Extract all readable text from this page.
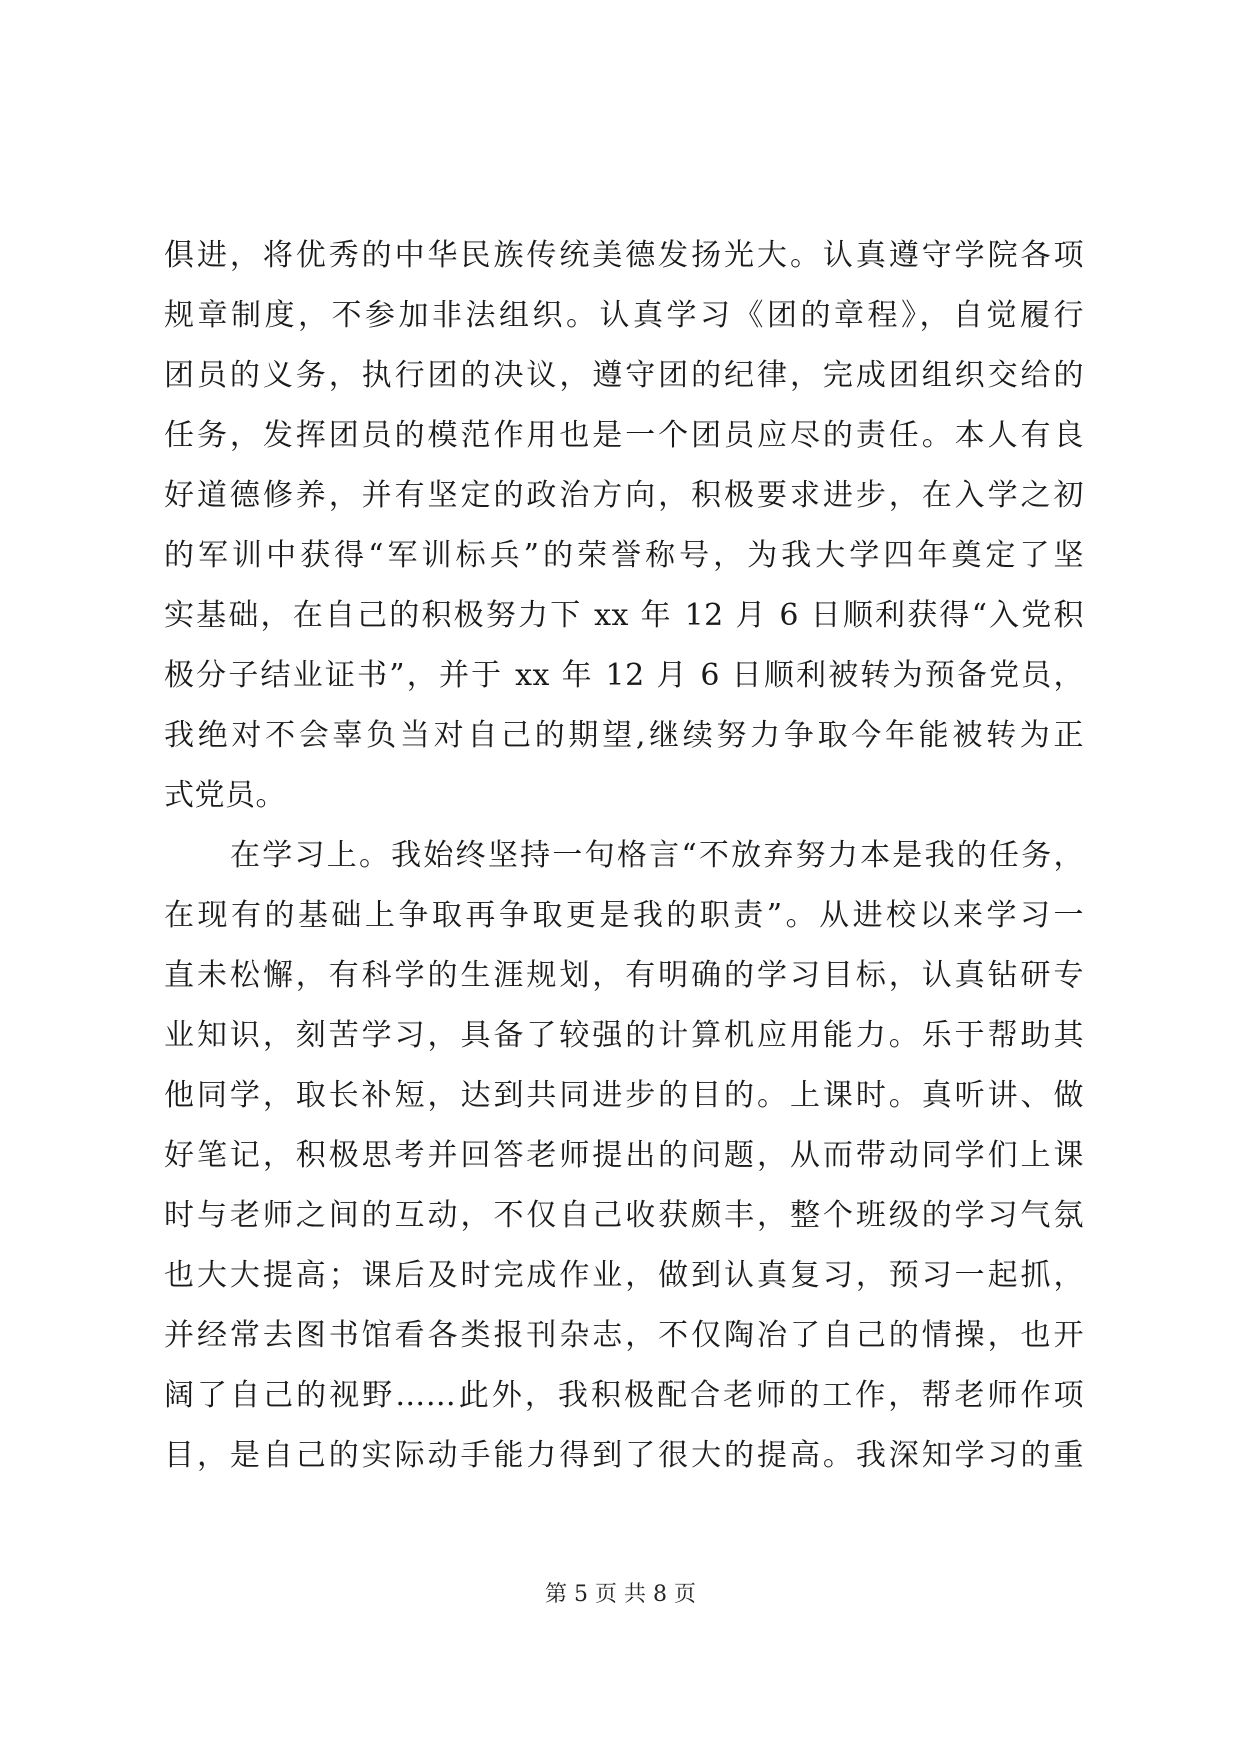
俱进，将优秀的中华民族传统美德发扬光大。认真遵守学院各项
规章制度，不参加非法组织。认真学习《团的章程》，自觉履行
团员的义务，执行团的决议，遵守团的纪律，完成团组织交给的
任务，发挥团员的模范作用也是一个团员应尽的责任。本人有良
好道德修养，并有坚定的政治方向，积极要求进步，在入学之初
的军训中获得“军训标兵”的荣誉称号，为我大学四年奠定了坚
实基础，在自己的积极努力下 xx 年 12 月 6 日顺利获得“入党积
极分子结业证书”，并于 xx 年 12 月 6 日顺利被转为预备党员，
我绝对不会辜负当对自己的期望,继续努力争取今年能被转为正
式党员。
在学习上。我始终坚持一句格言“不放弃努力本是我的任务，
在现有的基础上争取再争取更是我的职责”。从进校以来学习一
直未松懈，有科学的生涯规划，有明确的学习目标，认真钻研专
业知识，刻苦学习，具备了较强的计算机应用能力。乐于帮助其
他同学，取长补短，达到共同进步的目的。上课时。真听讲、做
好笔记，积极思考并回答老师提出的问题，从而带动同学们上课
时与老师之间的互动，不仅自己收获颇丰，整个班级的学习气氛
也大大提高；课后及时完成作业，做到认真复习，预习一起抓，
并经常去图书馆看各类报刊杂志，不仅陶冶了自己的情操，也开
阔了自己的视野……此外，我积极配合老师的工作，帮老师作项
目，是自己的实际动手能力得到了很大的提高。我深知学习的重
第 5 页 共 8 页
